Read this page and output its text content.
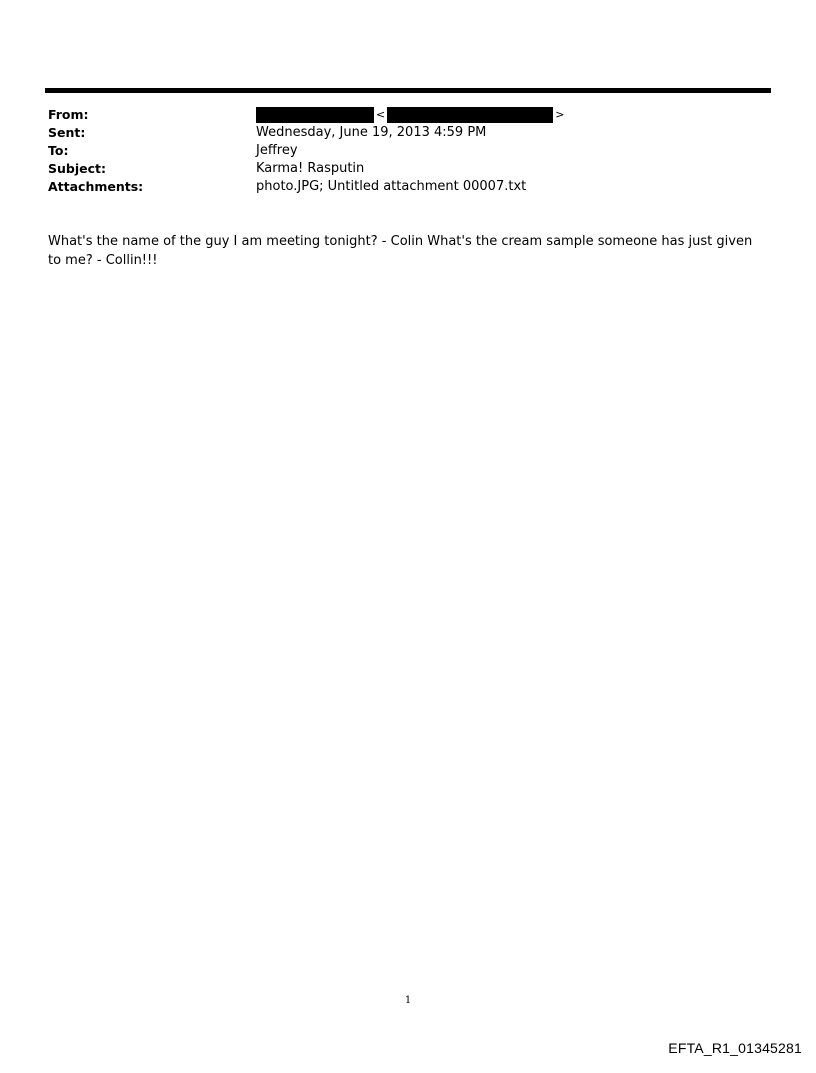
From:	<	>
Sent:	Wednesday, June 19, 2013 4:59 PM
To:	Jeffrey
Subject:	Karma! Rasputin
Attachments:	photo.JPG; Untitled attachment 00007.txt
What's the name of the guy I am meeting tonight? - Colin What's the cream sample someone has just given to me? - Collin!!!
1
EFTA_R1_01345281
